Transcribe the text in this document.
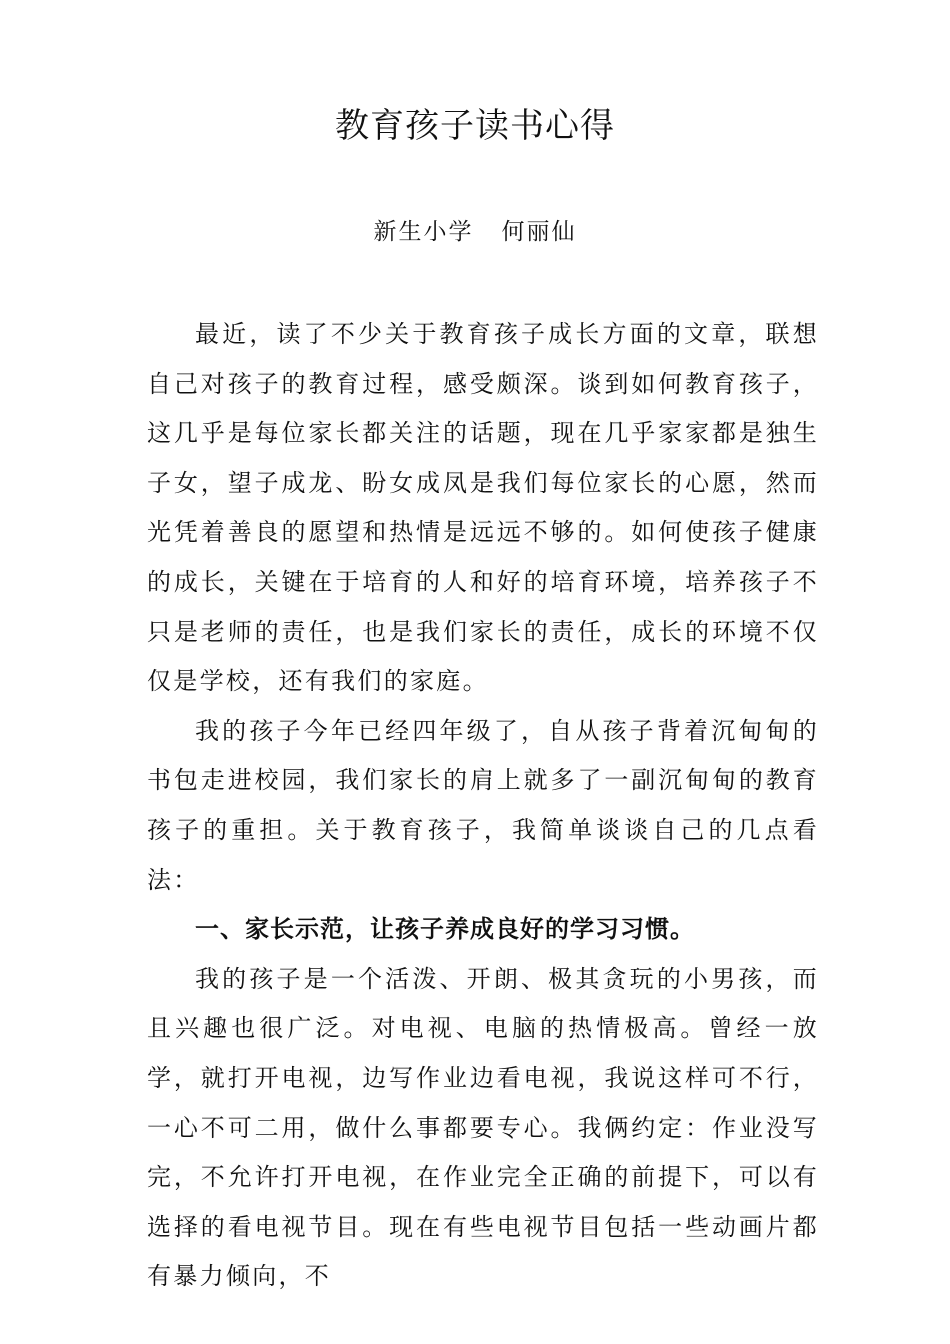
教育孩子读书心得
新生小学 何丽仙

最近，读了不少关于教育孩子成长方面的文章，联想自己对孩子的教育过程，感受颇深。谈到如何教育孩子，这几乎是每位家长都关注的话题，现在几乎家家都是独生子女，望子成龙、盼女成凤是我们每位家长的心愿，然而光凭着善良的愿望和热情是远远不够的。如何使孩子健康的成长，关键在于培育的人和好的培育环境，培养孩子不只是老师的责任，也是我们家长的责任，成长的环境不仅仅是学校，还有我们的家庭。

我的孩子今年已经四年级了，自从孩子背着沉甸甸的书包走进校园，我们家长的肩上就多了一副沉甸甸的教育孩子的重担。关于教育孩子，我简单谈谈自己的几点看法：

一、家长示范，让孩子养成良好的学习习惯。

我的孩子是一个活泼、开朗、极其贪玩的小男孩，而且兴趣也很广泛。对电视、电脑的热情极高。曾经一放学，就打开电视，边写作业边看电视，我说这样可不行，一心不可二用，做什么事都要专心。我俩约定：作业没写完，不允许打开电视，在作业完全正确的前提下，可以有选择的看电视节目。现在有些电视节目包括一些动画片都有暴力倾向，不
